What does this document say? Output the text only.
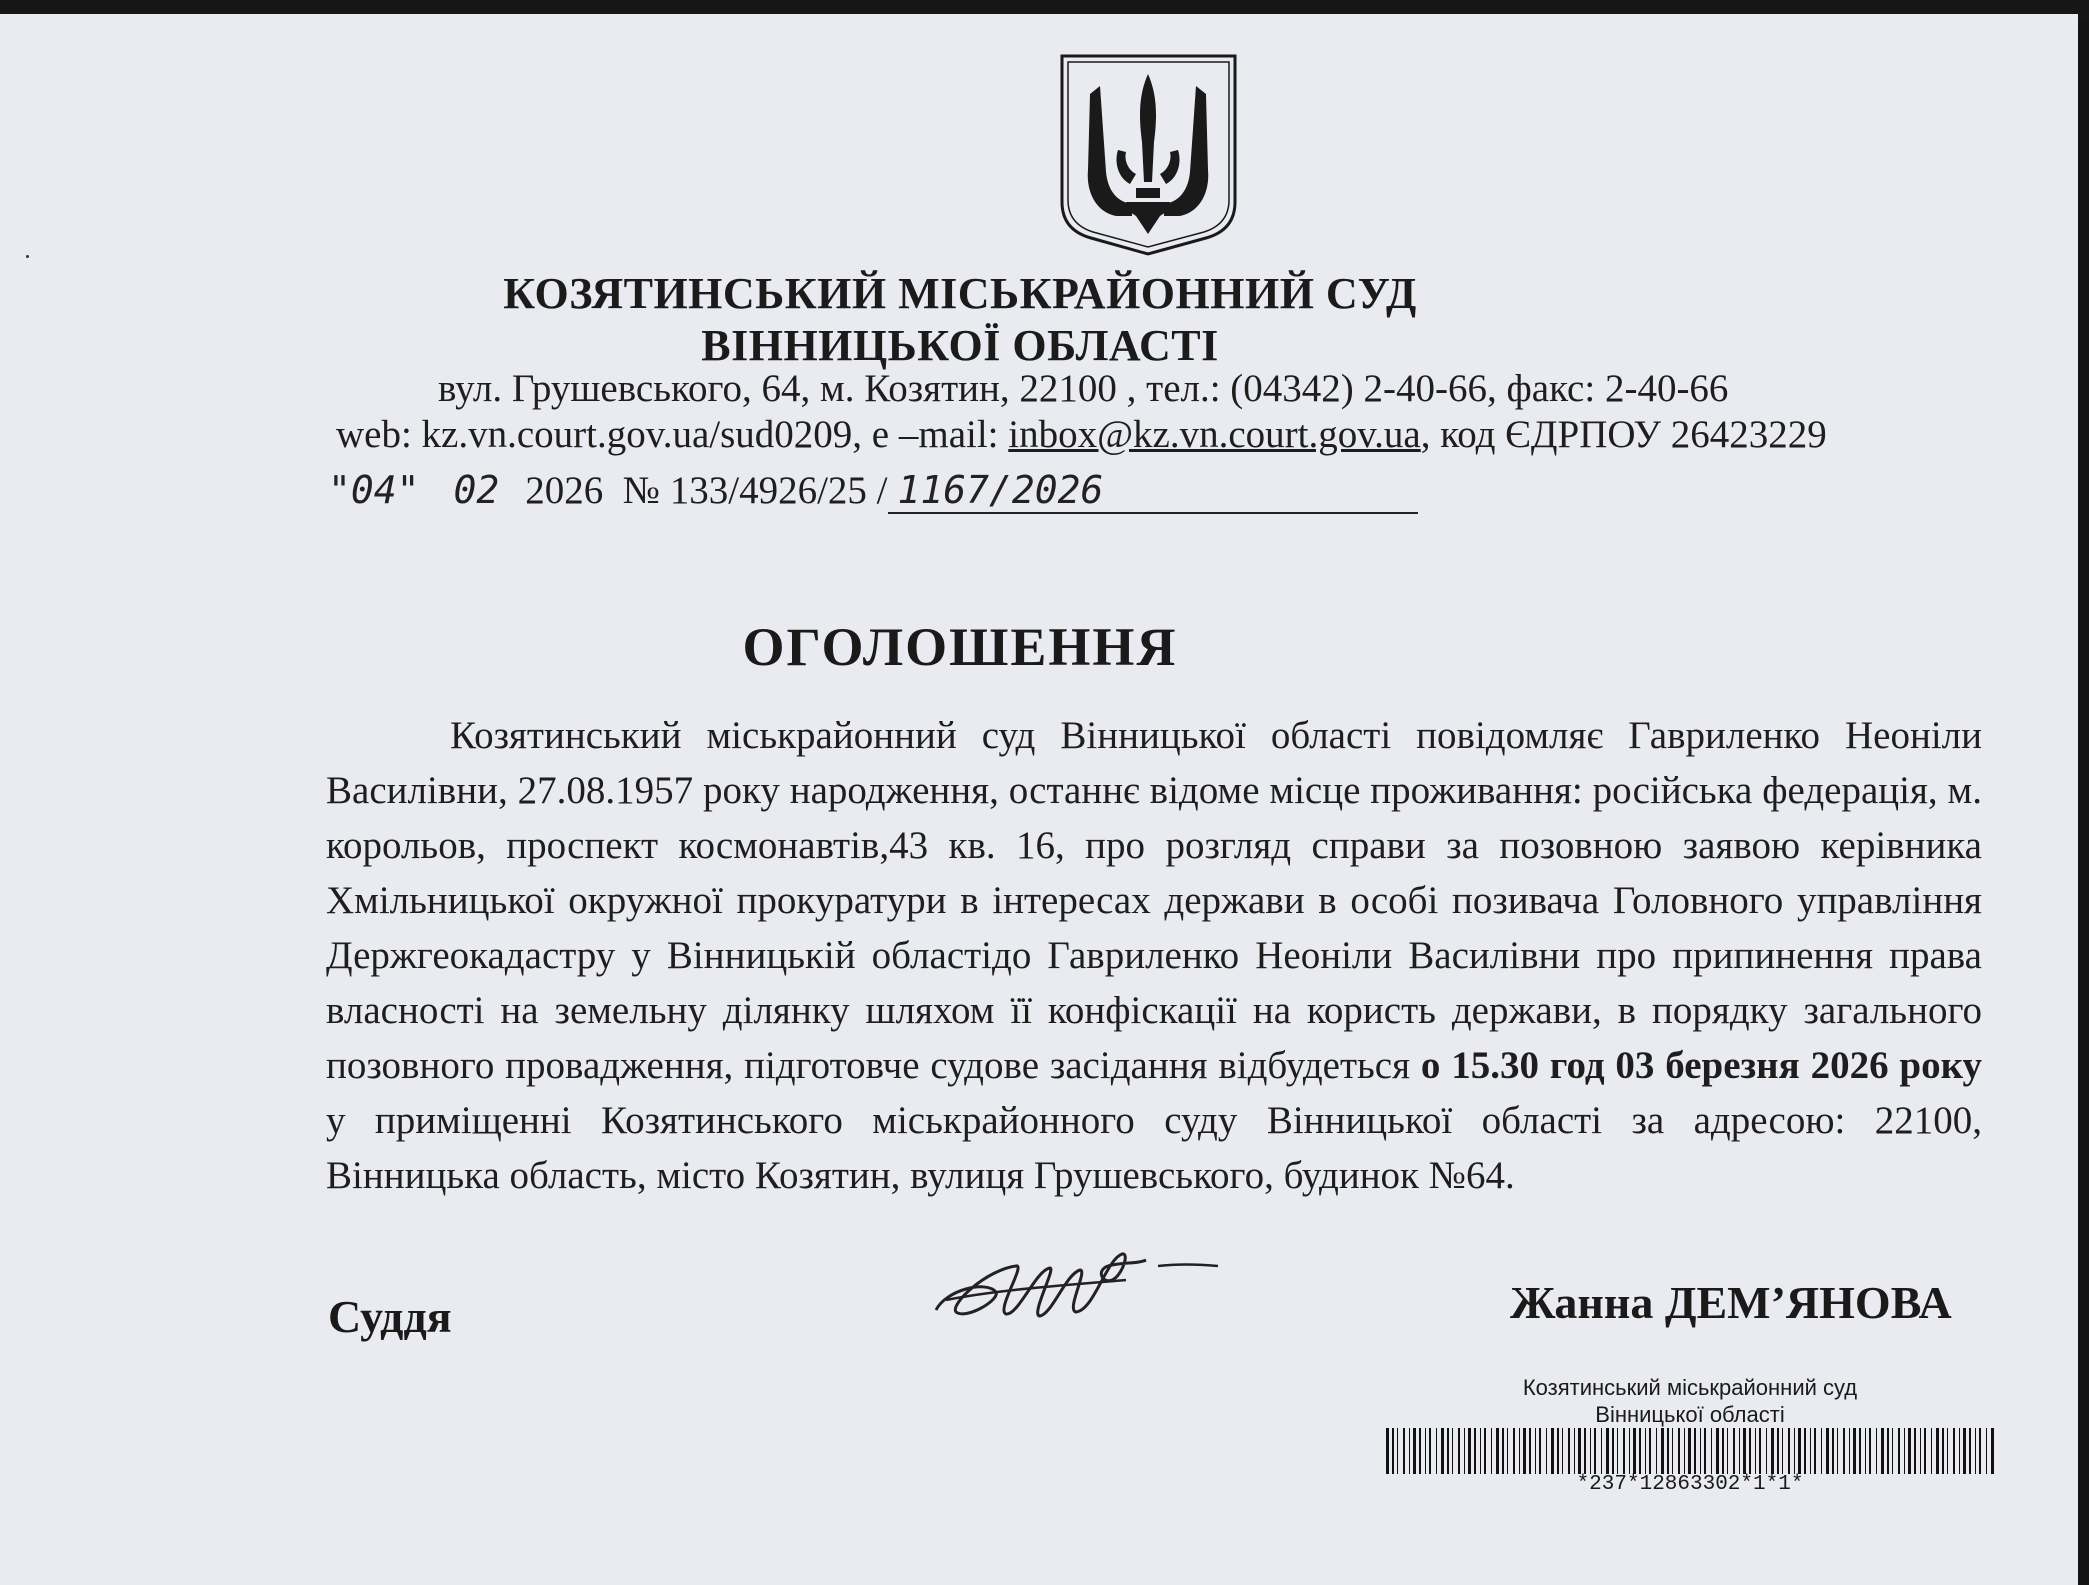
КОЗЯТИНСЬКИЙ МІСЬКРАЙОННИЙ СУД
ВІННИЦЬКОЇ ОБЛАСТІ
вул. Грушевського, 64, м. Козятин, 22100 , тел.: (04342) 2-40-66, факс: 2-40-66
web: kz.vn.court.gov.ua/sud0209, е –mail: inbox@kz.vn.court.gov.ua, код ЄДРПОУ 26423229
"04" 02 2026 № 133/4926/25 / 1167/2026
ОГОЛОШЕННЯ
Козятинський міськрайонний суд Вінницької області повідомляє Гавриленко Неоніли Василівни, 27.08.1957 року народження, останнє відоме місце проживання: російська федерація, м. корольов, проспект космонавтів,43 кв. 16, про розгляд справи за позовною заявою керівника Хмільницької окружної прокуратури в інтересах держави в особі позивача Головного управління Держгеокадастру у Вінницькій областідо Гавриленко Неоніли Василівни про припинення права власності на земельну ділянку шляхом її конфіскації на користь держави, в порядку загального позовного провадження, підготовче судове засідання відбудеться о 15.30 год 03 березня 2026 року у приміщенні Козятинського міськрайонного суду Вінницької області за адресою: 22100, Вінницька область, місто Козятин, вулиця Грушевського, будинок №64.
Суддя	Жанна ДЕМ’ЯНОВА
Козятинський міськрайонний суд
Вінницької області
*237*12863302*1*1*
